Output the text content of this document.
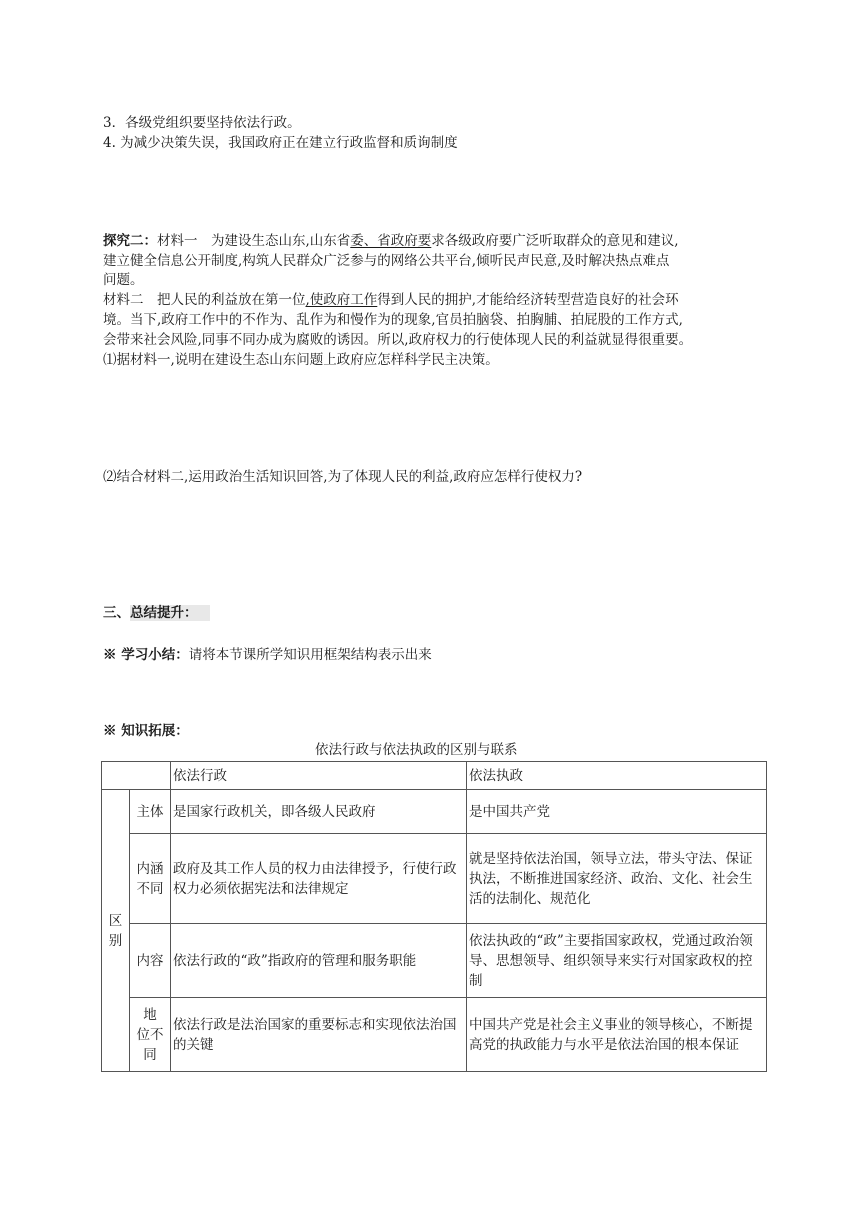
3．各级党组织要坚持依法行政。
4. 为减少决策失误，我国政府正在建立行政监督和质询制度
探究二：材料一　为建设生态山东,山东省委、省政府要求各级政府要广泛听取群众的意见和建议,
建立健全信息公开制度,构筑人民群众广泛参与的网络公共平台,倾听民声民意,及时解决热点难点
问题。
材料二　把人民的利益放在第一位,使政府工作得到人民的拥护,才能给经济转型营造良好的社会环
境。当下,政府工作中的不作为、乱作为和慢作为的现象,官员拍脑袋、拍胸脯、拍屁股的工作方式,
会带来社会风险,同事不同办成为腐败的诱因。所以,政府权力的行使体现人民的利益就显得很重要。
⑴据材料一,说明在建设生态山东问题上政府应怎样科学民主决策。
⑵结合材料二,运用政治生活知识回答,为了体现人民的利益,政府应怎样行使权力?
三、总结提升：
※ 学习小结：请将本节课所学知识用框架结构表示出来
※ 知识拓展：
依法行政与依法执政的区别与联系
		依法行政	依法执政
区别	主体	是国家行政机关，即各级人民政府	是中国共产党
	内涵不同	政府及其工作人员的权力由法律授予，行使行政权力必须依据宪法和法律规定	就是坚持依法治国，领导立法，带头守法、保证执法，不断推进国家经济、政治、文化、社会生活的法制化、规范化
	内容	依法行政的“政”指政府的管理和服务职能	依法执政的“政”主要指国家政权，党通过政治领导、思想领导、组织领导来实行对国家政权的控制
	地　位不同	依法行政是法治国家的重要标志和实现依法治国的关键	中国共产党是社会主义事业的领导核心，不断提高党的执政能力与水平是依法治国的根本保证
